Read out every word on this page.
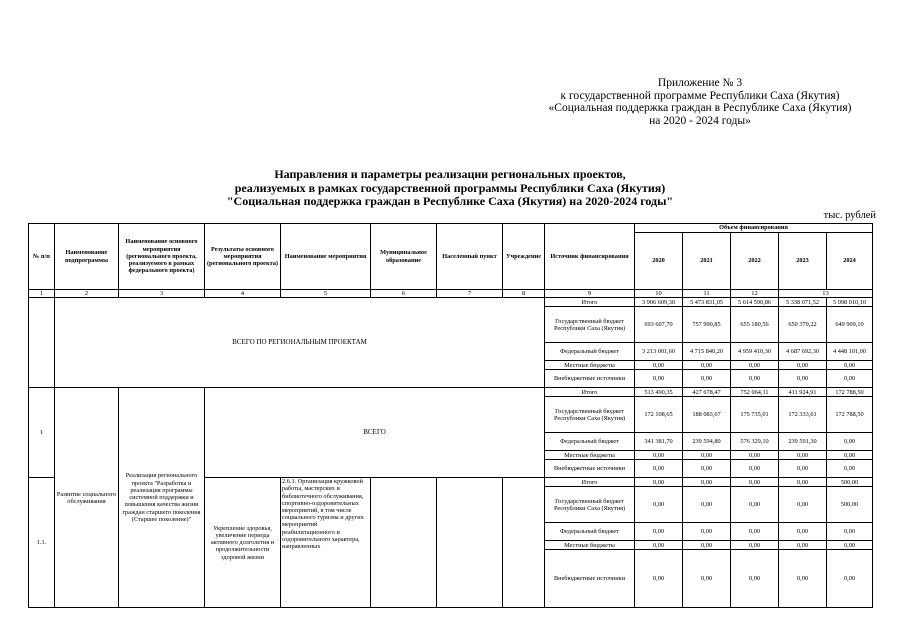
Приложение № 3
к государственной программе Республики Саха (Якутия)
«Социальная поддержка граждан в Республике Саха (Якутия)
на 2020 - 2024 годы»
Направления и параметры реализации региональных проектов,
реализуемых в рамках государственной программы Республики Саха (Якутия)
"Социальная поддержка граждан в Республике Саха (Якутия) на 2020-2024 годы"
тыс. рублей
№ п/п	Наименование подпрограммы	Наименование основного мероприятия (регионального проекта, реализуемого в рамках федерального проекта)	Результаты основного мероприятия (регионального проекта)	Наименование мероприятия	Муниципальное образование	Населенный пункт	Учреждение	Источник финансирования	Объем финансирования				
									2020	2021	2022	2023	2024
1	2	3	4	5	6	7	8	9	10	11	12	13	
	ВСЕГО ПО РЕГИОНАЛЬНЫМ ПРОЕКТАМ							Итого	3 906 609,30	5 473 831,05	5 614 590,86	5 338 071,52	5 098 010,10
								Государственный бюджет Республики Саха (Якутия)	693 607,70	757 990,85	655 180,56	650 379,22	649 909,10
								Федеральный бюджет	3 213 001,60	4 715 840,20	4 959 410,30	4 687 692,30	4 448 101,00
								Местные бюджеты	0,00	0,00	0,00	0,00	0,00
								Внебюджетные источники	0,00	0,00	0,00	0,00	0,00
1	Развитие социального обслуживания	Реализация регионального проекта "Разработка и реализация программы системной поддержки и повышения качества жизни граждан старшего поколения (Старшее поколение)"	ВСЕГО					Итого	513 490,35	427 678,47	752 064,11	411 924,91	172 788,50
								Государственный бюджет Республики Саха (Якутия)	172 108,65	188 083,67	175 735,01	172 333,61	172 788,50
								Федеральный бюджет	341 381,70	239 594,80	576 329,10	239 591,30	0,00
								Местные бюджеты	0,00	0,00	0,00	0,00	0,00
								Внебюджетные источники	0,00	0,00	0,00	0,00	0,00
1.1.			Укрепление здоровья, увеличение периода активного долголетия и продолжительности здоровой жизни	2.6.1. Организация кружковой работы, мастерских и библиотечного обслуживания, спортивно-оздоровительных мероприятий, в том числе социального туризма и других мероприятий реабилитационного и оздоровительного характера, направленных				Итого	0,00	0,00	0,00	0,00	500,00
								Государственный бюджет Республики Саха (Якутия)	0,00	0,00	0,00	0,00	500,00
								Федеральный бюджет	0,00	0,00	0,00	0,00	0,00
								Местные бюджеты	0,00	0,00	0,00	0,00	0,00
								Внебюджетные источники	0,00	0,00	0,00	0,00	0,00
